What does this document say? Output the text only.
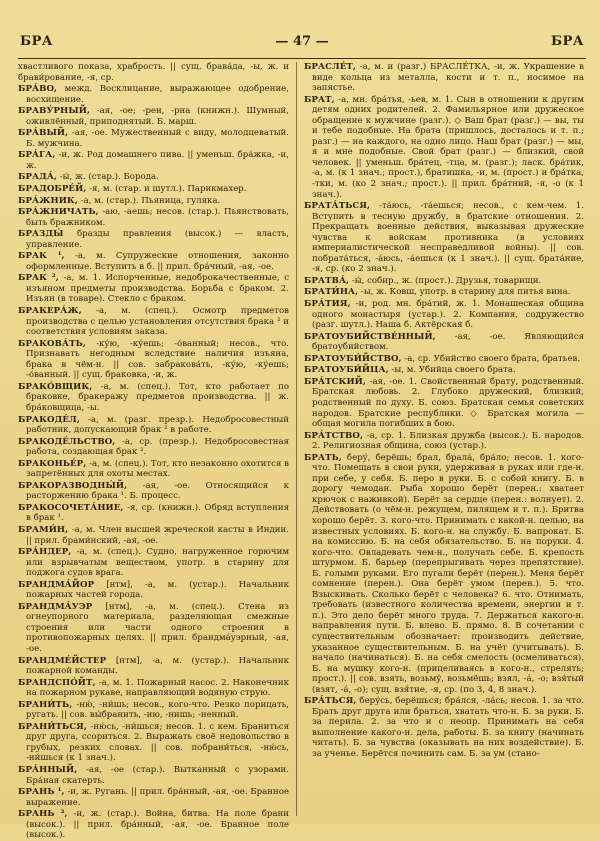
БРА	— 47 —	БРА
хвастливого показа, храбрость. || сущ. брава́да, -ы, ж. и брави́рование, -я, ср.
БРА́ВО, межд. Восклицание, выражающее одобрение, восхищение.
БРАВУ́РНЫЙ, -ая, -ое; -рен, -рна (книжн.). Шумный, оживлённый, приподнятый. Б. марш.
БРА́ВЫЙ, -ая, -ое. Мужественный с виду, молодцеватый. Б. мужчина.
БРА́ГА, -и, ж. Род домашнего пива. || уменьш. бра́жка, -и, ж.
БРАДА́, -ы́, ж. (стар.). Борода.
БРАДОБРЕ́Й, -я, м. (стар. и шутл.). Парикмахер.
БРА́ЖНИК, -а, м. (стар.). Пьяница, гуляка.
БРА́ЖНИЧАТЬ, -аю, -аешь; несов. (стар.). Пьянствовать, быть бражником.
БРАЗДЫ́ бразды правления (высок.) — власть, управление.
БРАК ¹, -а, м. Супружеские отношения, законно оформленные. Вступить в б. || прил. бра́чный, -ая, -ое.
БРАК ², -а, м. 1. Испорченные, недоброкачественные, с изъяном предметы производства. Борьба с браком. 2. Изъян (в товаре). Стекло с браком.
БРАКЕРА́Ж, -а, м. (спец.). Осмотр предметов производства с целью установления отсутствия брака ² и соответствия условиям заказа.
БРАКОВА́ТЬ, -ку́ю, -ку́ешь; -о́ванный; несов., что. Признавать негодным вследствие наличия изъяна, брака в чём-н. || сов. забракова́ть, -ку́ю, -ку́ешь; -о́ванный. || сущ. браковка, -и, ж.
БРАКО́ВЩИК, -а, м. (спец.). Тот, кто работает по браковке, бракеражу предметов производства. || ж. бра́ковщица, -ы.
БРАКОДЕ́Л, -а, м. (разг. презр.). Недобросовестный работник, допускающий брак ² в работе.
БРАКОДЕ́ЛЬСТВО, -а, ср. (презр.). Недобросовестная работа, создающая брак ².
БРАКОНЬЕ́Р, -а, м. (спец.). Тот, кто незаконно охотится в запретённых для охоты местах.
БРАКОРАЗВОДНЫ́Й, -ая, -ое. Относящийся к расторжению брака ¹. Б. процесс.
БРАКОСОЧЕТА́НИЕ, -я, ср. (книжн.). Обряд вступления в брак ¹.
БРАМИ́Н, -а, м. Член высшей жреческой касты в Индии. || прил. брами́нский, -ая, -ое.
БРА́НДЕР, -а, м. (спец.). Судно, нагруженное горючим или взрывчатым веществом, употр. в старину для поджога судов врага.
БРАНДМА́ЙОР [нтм], -а, м. (устар.). Начальник пожарных частей города.
БРАНДМА́УЭР [нтм], -а, м. (спец.). Стена из огнеупорного материала, разделяющая смежные строения или части одного строения в противопожарных целях. || прил. брандма́уэрный, -ая, -ое.
БРАНДМЕ́ЙСТЕР [нтм], -а, м. (устар.). Начальник пожарной команды.
БРАНДСПО́ЙТ, -а, м. 1. Пожарный насос. 2. Наконечник на пожарном рукаве, направляющий водяную струю.
БРАНИ́ТЬ, -ню́, -ни́шь; несов., кого-что. Резко порицать, ругать. || сов. вы́бранить, -ню, -нишь; -ненный.
БРАНИ́ТЬСЯ, -ню́сь, -ни́шься; несов. 1. с кем. Браниться друг друга, ссориться. 2. Выражать своё недовольство в грубых, резких словах. || сов. побрани́ться, -ню́сь, -ни́шься (к 1 знач.).
БРА́ННЫЙ, -ая, -ое (стар.). Вытканный с узорами. Бра́ная скатерть.
БРАНЬ ¹, -и, ж. Ругань. || прил. бра́нный, -ая, -ое. Бранное выражение.
БРАНЬ ², -и, ж. (стар.). Война, битва. На поле брани (высок.). || прил. бра́нный, -ая, -ое. Бранное поле (высок.).
БРАСЛЕ́Т, -а, м. и (разг.) БРАСЛЕ́ТКА, -и, ж. Украшение в виде кольца из металла, кости и т. п., носимое на запястье.
БРАТ, -а, мн. бра́тья, -ьев, м. 1. Сын в отношении к другим детям одних родителей. 2. Фамильярное или дружеское обращение к мужчине (разг.). ◇ Ваш брат (разг.) — вы, ты и тебе подобные. На брата (пришлось, досталось и т. п.; разг.) — на каждого, на одно лицо. Наш брат (разг.) — мы, я и мне подобные. Свой брат (разг.) — близкий, свой человек. || уменьш. бра́тец, -тца, м. (разг.); ласк. бра́тик, -а, м. (к 1 знач.; прост.), братишка, -и, м. (прост.) и бра́тка, -тки, м. (ко 2 знач.; прост.). || прил. бра́тний, -я, -о (к 1 знач.).
БРАТА́ТЬСЯ, -та́юсь, -та́ешься; несов., с кем-чем. 1. Вступить в тесную дружбу, в братские отношения. 2. Прекращать военные действия, выказывая дружеские чувства к войскам противника (в условиях империалистической несправедливой войны). || сов. побрата́ться, -а́юсь, -а́ешься (к 1 знач.). || сущ. брата́ние, -я, ср. (ко 2 знач.).
БРАТВА́, -ы́, собир., ж. (прост.). Друзья, товарищи.
БРАТИ́НА, -ы, ж. Ковш, употр. в старину для питья вина.
БРА́ТИЯ, -и, род. мн. бра́тий, ж. 1. Монашеская община одного монастыря (устар.). 2. Компания, содружество (разг. шутл.). Наша б. Актёрская б.
БРАТОУБИЙСТВЕ́ННЫЙ, -ая, -ое. Являющийся братоубийством.
БРАТОУБИ́ЙСТВО, -а, ср. Убийство своего брата, братьев.
БРАТОУБИ́ЙЦА, -ы, м. Убийца своего брата.
БРА́ТСКИЙ, -ая, -ое. 1. Свойственный брату, родственный. Братская любовь. 2. Глубоко дружеский, близкий, родственный по духу. Б. союз. Братская семья советских народов. Братские республики. ◇ Братская могила — общая могила погибших в бою.
БРА́ТСТВО, -а, ср. 1. Близкая дружба (высок.). Б. народов. 2. Религиозная община, союз (устар.).
БРАТЬ, беру́, берёшь; брал, брала́, бра́ло; несов. 1. кого-что. Помещать в свои руки, удерживая в руках или где-н. при себе, у себя. Б. перо в руки. Б. с собой книгу. Б. в дорогу чемодан. Рыба хорошо берёт (перен.: хватает крючок с наживкой). Берёт за сердце (перен.: волнует). 2. Действовать (о чём-н. режущем, пилящем и т. п.). Бритва хорошо берёт. 3. кого-что. Принимать с какой-н. целью, на известных условиях. Б. кого-н. на службу. Б. напрокат. Б. на комиссию. Б. на себя обязательство. Б. на поруки. 4. кого-что. Овладевать чем-н., получать себе. Б. крепость штурмом. Б. барьер (перепрыгивать через препятствие). Б. голыми руками. Его пугали берёт (перен.). Меня берёт сомнение (перен.). Она берёт умом (перен.). 5. что. Взыскивать. Сколько берёт с человека? 6. что. Отнимать, требовать (известного количества времени, энергии и т. п.). Это дело берёт много труда. 7. Держаться какого-н. направления пути. Б. влево. Б. прямо. 8. В сочетании с существительным обозначает: производить действие, указанное существительным. Б. на учёт (учитывать). Б. начало (начинаться). Б. на себя смелость (осмеливаться). Б. на мушку кого-н. (прицеливаясь в кого-н., стрелять; прост.). || сов. взять, возьму́, возьмёшь; взял, -á, -о; взя́тый (взят, -á, -о); сущ. взя́тие, -я, ср. (по 3, 4, 8 знач.).
БРА́ТЬСЯ, беру́сь, берёшься; бра́лся, -ла́сь; несов. 1. за что. Брать друг друга или браться, хватать что-н. Б. за руки. Б. за перила. 2. за что и с неопр. Принимать на себя выполнение какого-н. дела, работы. Б. за книгу (начинать читать). Б. за чувства (оказывать на них воздействие). Б. за ученье. Берётся починить сам. Б. за ум (стано-
